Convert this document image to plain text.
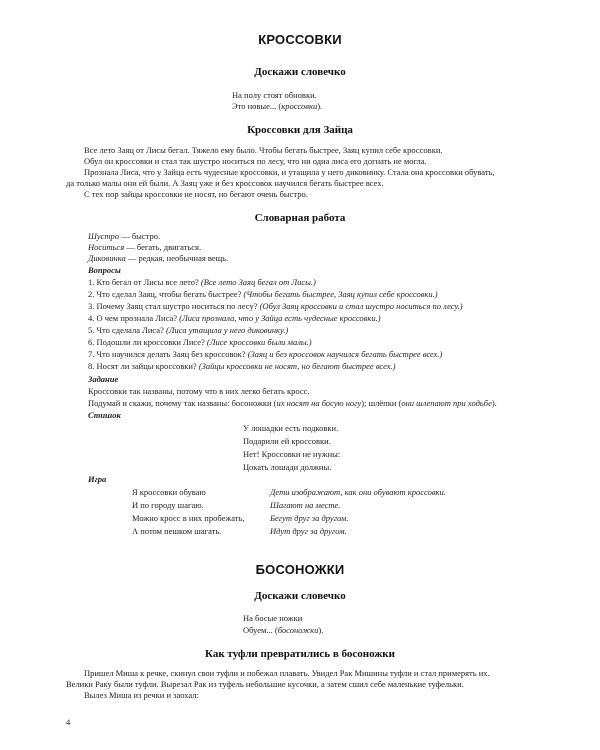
КРОССОВКИ
Доскажи словечко
На полу стоят обновки.
Это новые... (кроссовки).
Кроссовки для Зайца
Все лето Заяц от Лисы бегал. Тяжело ему было. Чтобы бегать быстрее, Заяц купил себе кроссовки.
Обул он кроссовки и стал так шустро носиться по лесу, что ни одна лиса его догнать не могла.
Прознала Лиса, что у Зайца есть чудесные кроссовки, и утащила у него диковинку. Стала она кроссовки обувать,
да только малы они ей были. А Заяц уже и без кроссовок научился бегать быстрее всех.
С тех пор зайцы кроссовки не носят, но бегают очень быстро.
Словарная работа
Шустро — быстро.
Носиться — бегать, двигаться.
Диковинка — редкая, необычная вещь.
Вопросы
1. Кто бегал от Лисы все лето? (Все лето Заяц бегал от Лисы.)
2. Что сделал Заяц, чтобы бегать быстрее? (Чтобы бегать быстрее, Заяц купил себе кроссовки.)
3. Почему Заяц стал шустро носиться по лесу? (Обул Заяц кроссовки и стал шустро носиться по лесу.)
4. О чем прознала Лиса? (Лиса прознала, что у Зайца есть чудесные кроссовки.)
5. Что сделала Лиса? (Лиса утащила у него диковинку.)
6. Подошли ли кроссовки Лисе? (Лисе кроссовки были малы.)
7. Что научился делать Заяц без кроссовок? (Заяц и без кроссовок научился бегать быстрее всех.)
8. Носят ли зайцы кроссовки? (Зайцы кроссовки не носят, но бегают быстрее всех.)
Задание
Кроссовки так названы, потому что в них легко бегать кросс.
Подумай и скажи, почему так названы: босоножки (их носят на босую ногу); шлёпки (они шлепают при ходьбе).
Стишок
У лошадки есть подковки.
Подарили ей кроссовки.
Нет! Кроссовки не нужны:
Цокать лошади должны.
Игра
Я кроссовки обуваю	Дети изображают, как они обувают кроссовки.
И по городу шагаю.	Шагают на месте.
Можно кросс в них пробежать,	Бегут друг за другом.
А потом пешком шагать.	Идут друг за другом.
БОСОНОЖКИ
Доскажи словечко
На босые ножки
Обуем... (босоножки).
Как туфли превратились в босоножки
Пришел Миша к речке, скинул свои туфли и побежал плавать. Увидел Рак Мишины туфли и стал примерять их.
Велики Раку были туфли. Вырезал Рак из туфель небольшие кусочки, а затем сшил себе маленькие туфельки.
Вылез Миша из речки и заохал:
4
